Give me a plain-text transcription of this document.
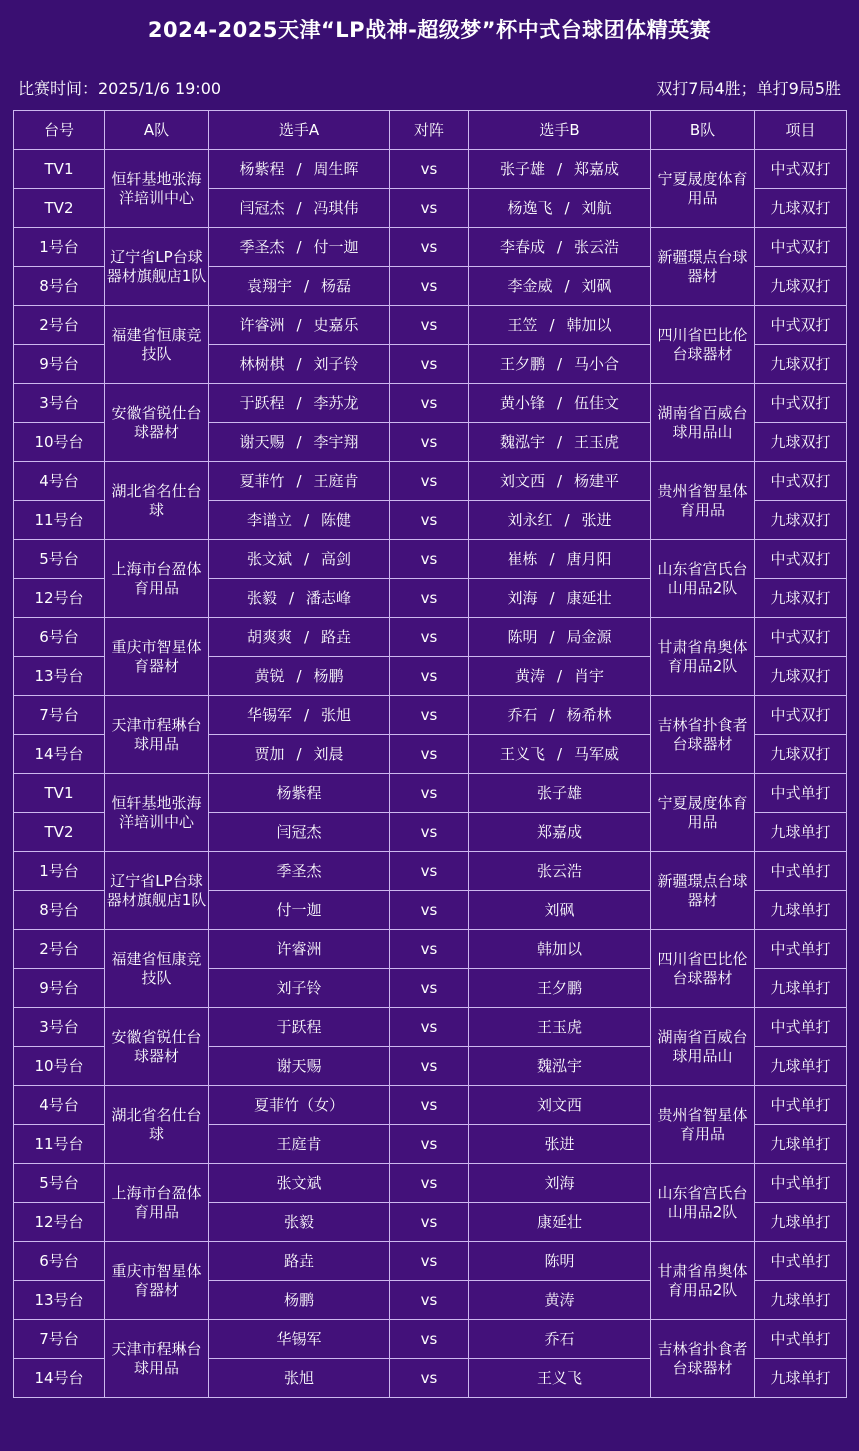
2024-2025天津“LP战神-超级梦”杯中式台球团体精英赛
比赛时间：2025/1/6 19:00	双打7局4胜；单打9局5胜
台号	A队	选手A	对阵	选手B	B队	项目
TV1	恒轩基地张海洋培训中心	杨紫程 / 周生晖	vs	张子雄 / 郑嘉成	宁夏晟度体育用品	中式双打
TV2		闫冠杰 / 冯琪伟	vs	杨逸飞 / 刘航		九球双打
1号台	辽宁省LP台球器材旗舰店1队	季圣杰 / 付一迦	vs	李春成 / 张云浩	新疆璟点台球器材	中式双打
8号台		袁翔宇 / 杨磊	vs	李金威 / 刘砜		九球双打
2号台	福建省恒康竞技队	许睿洲 / 史嘉乐	vs	王笠 / 韩加以	四川省巴比伦台球器材	中式双打
9号台		林树棋 / 刘子铃	vs	王夕鹏 / 马小合		九球双打
3号台	安徽省锐仕台球器材	于跃程 / 李苏龙	vs	黄小锋 / 伍佳文	湖南省百威台球用品山	中式双打
10号台		谢天赐 / 李宇翔	vs	魏泓宇 / 王玉虎		九球双打
4号台	湖北省名仕台球	夏菲竹 / 王庭肯	vs	刘文西 / 杨建平	贵州省智星体育用品	中式双打
11号台		李谱立 / 陈健	vs	刘永红 / 张进		九球双打
5号台	上海市台盈体育用品	张文斌 / 高剑	vs	崔栋 / 唐月阳	山东省宫氏台山用品2队	中式双打
12号台		张毅 / 潘志峰	vs	刘海 / 康延壮		九球双打
6号台	重庆市智星体育器材	胡爽爽 / 路垚	vs	陈明 / 局金源	甘肃省帛奥体育用品2队	中式双打
13号台		黄锐 / 杨鹏	vs	黄涛 / 肖宇		九球双打
7号台	天津市程琳台球用品	华锡军 / 张旭	vs	乔石 / 杨希林	吉林省扑食者台球器材	中式双打
14号台		贾加 / 刘晨	vs	王义飞 / 马军威		九球双打
TV1	恒轩基地张海洋培训中心	杨紫程	vs	张子雄	宁夏晟度体育用品	中式单打
TV2		闫冠杰	vs	郑嘉成		九球单打
1号台	辽宁省LP台球器材旗舰店1队	季圣杰	vs	张云浩	新疆璟点台球器材	中式单打
8号台		付一迦	vs	刘砜		九球单打
2号台	福建省恒康竞技队	许睿洲	vs	韩加以	四川省巴比伦台球器材	中式单打
9号台		刘子铃	vs	王夕鹏		九球单打
3号台	安徽省锐仕台球器材	于跃程	vs	王玉虎	湖南省百威台球用品山	中式单打
10号台		谢天赐	vs	魏泓宇		九球单打
4号台	湖北省名仕台球	夏菲竹（女）	vs	刘文西	贵州省智星体育用品	中式单打
11号台		王庭肯	vs	张进		九球单打
5号台	上海市台盈体育用品	张文斌	vs	刘海	山东省宫氏台山用品2队	中式单打
12号台		张毅	vs	康延壮		九球单打
6号台	重庆市智星体育器材	路垚	vs	陈明	甘肃省帛奥体育用品2队	中式单打
13号台		杨鹏	vs	黄涛		九球单打
7号台	天津市程琳台球用品	华锡军	vs	乔石	吉林省扑食者台球器材	中式单打
14号台		张旭	vs	王义飞		九球单打
